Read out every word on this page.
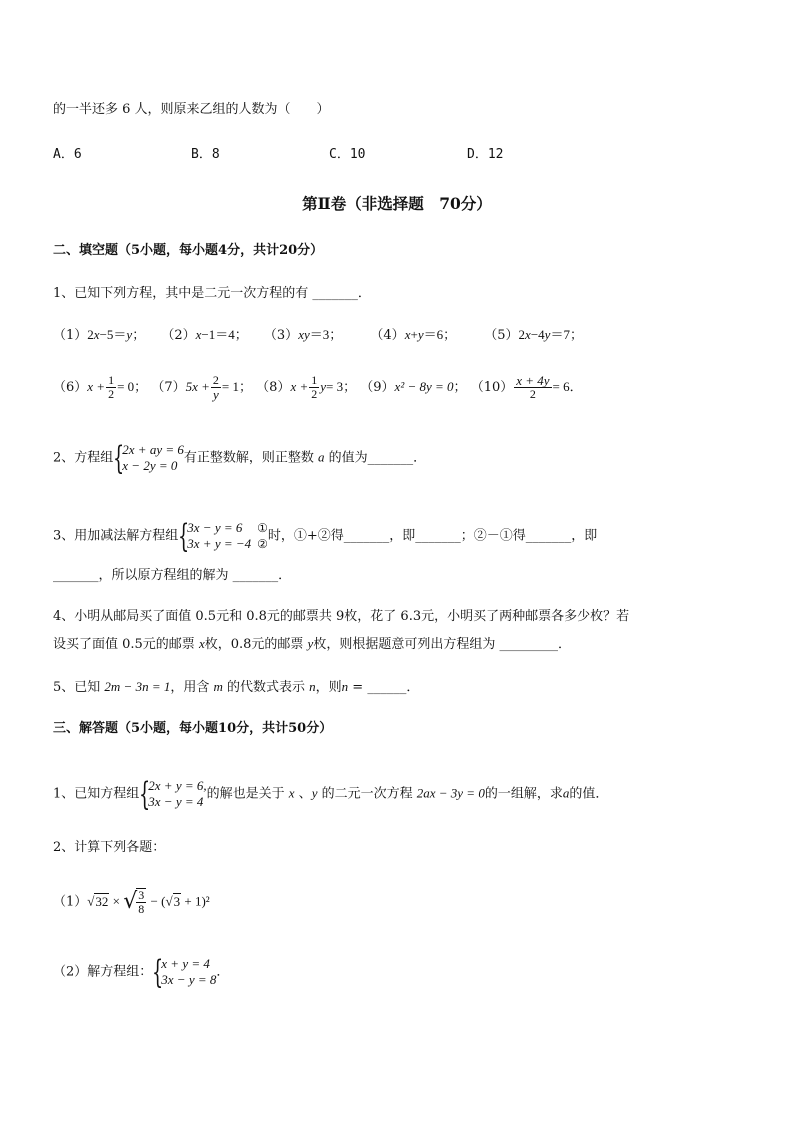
的一半还多 6 人，则原来乙组的人数为（　　）
A．6	B．8	C．10	D．12
第Ⅱ卷（非选择题　70分）
二、填空题（5小题，每小题4分，共计20分）
1、已知下列方程，其中是二元一次方程的有 _______．
（1）2x−5＝y； （2）x−1＝4； （3）xy＝3； （4）x+y＝6； （5）2x−4y＝7；
$(6)x + \frac{1}{2} = 0$； $(7)5x + \frac{2}{y} = 1$； $(8)x + \frac{1}{2} y= 3$； （9）x² − 8y = 0； $(10) \frac{x + 4y}{2} = 6$．
2、方程组 {
2x + ay = 6
x − 2y = 0 有正整数解，则正整数 a 的值为_______．
3、用加减法解方程组 {
3x − y = 6
3x + y = −4
①
②
时，①+②得_______，即_______；②－①得_______，即
_______，所以原方程组的解为 _______．
4、小明从邮局买了面值 0.5元和 0.8元的邮票共 9枚，花了 6.3元，小明买了两种邮票各多少枚？若
设买了面值 0.5元的邮票 x枚，0.8元的邮票 y枚，则根据题意可列出方程组为 _________．
5、已知 2m − 3n = 1，用含 m 的代数式表示 n，则n = ______．
三、解答题（5小题，每小题10分，共计50分）
1、已知方程组 {
2x + y = 6,
3x − y = 4 的解也是关于 x 、y 的二元一次方程 2ax − 3y = 0的一组解，求a的值．
2、计算下列各题：
（1）√32 × √ $\frac{3}{8} - (√3 + 1)^2$
（2）解方程组： {
x + y = 4
3x − y = 8 ．
